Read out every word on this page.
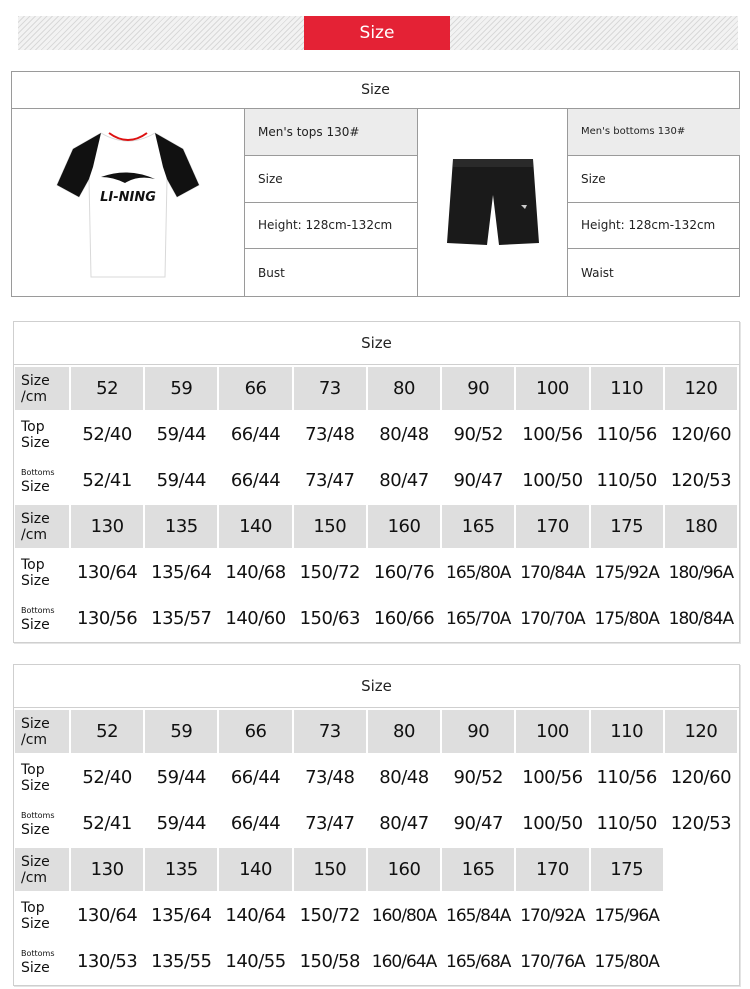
Size
Size
LI-NING
Men's tops 130#
Size
Height: 128cm-132cm
Bust
Men's bottoms 130#
Size
Height: 128cm-132cm
Waist
Size
Size
/cm	52	59	66	73	80	90	100	110	120
Top
Size	52/40	59/44	66/44	73/48	80/48	90/52	100/56 110/56 120/60
Bottoms
Size	52/41	59/44	66/44	73/47	80/47	90/47	100/50 110/50 120/53
Size
/cm	130	135	140	150	160	165	170	175	180
Top
Size	130/64 135/64 140/68 150/72 160/76 165/80A 170/84A 175/92A 180/96A
Bottoms
Size	130/56 135/57 140/60 150/63 160/66 165/70A 170/70A 175/80A 180/84A
Size
Size
/cm	52	59	66	73	80	90	100	110	120
Top
Size	52/40	59/44	66/44	73/48	80/48	90/52	100/56 110/56 120/60
Bottoms
Size	52/41	59/44	66/44	73/47	80/47	90/47	100/50 110/50 120/53
Size
/cm	130	135	140	150	160	165	170	175
Top
Size	130/64 135/64 140/64 150/72 160/80A 165/84A 170/92A 175/96A
Bottoms
Size	130/53 135/55 140/55 150/58 160/64A 165/68A 170/76A 175/80A
